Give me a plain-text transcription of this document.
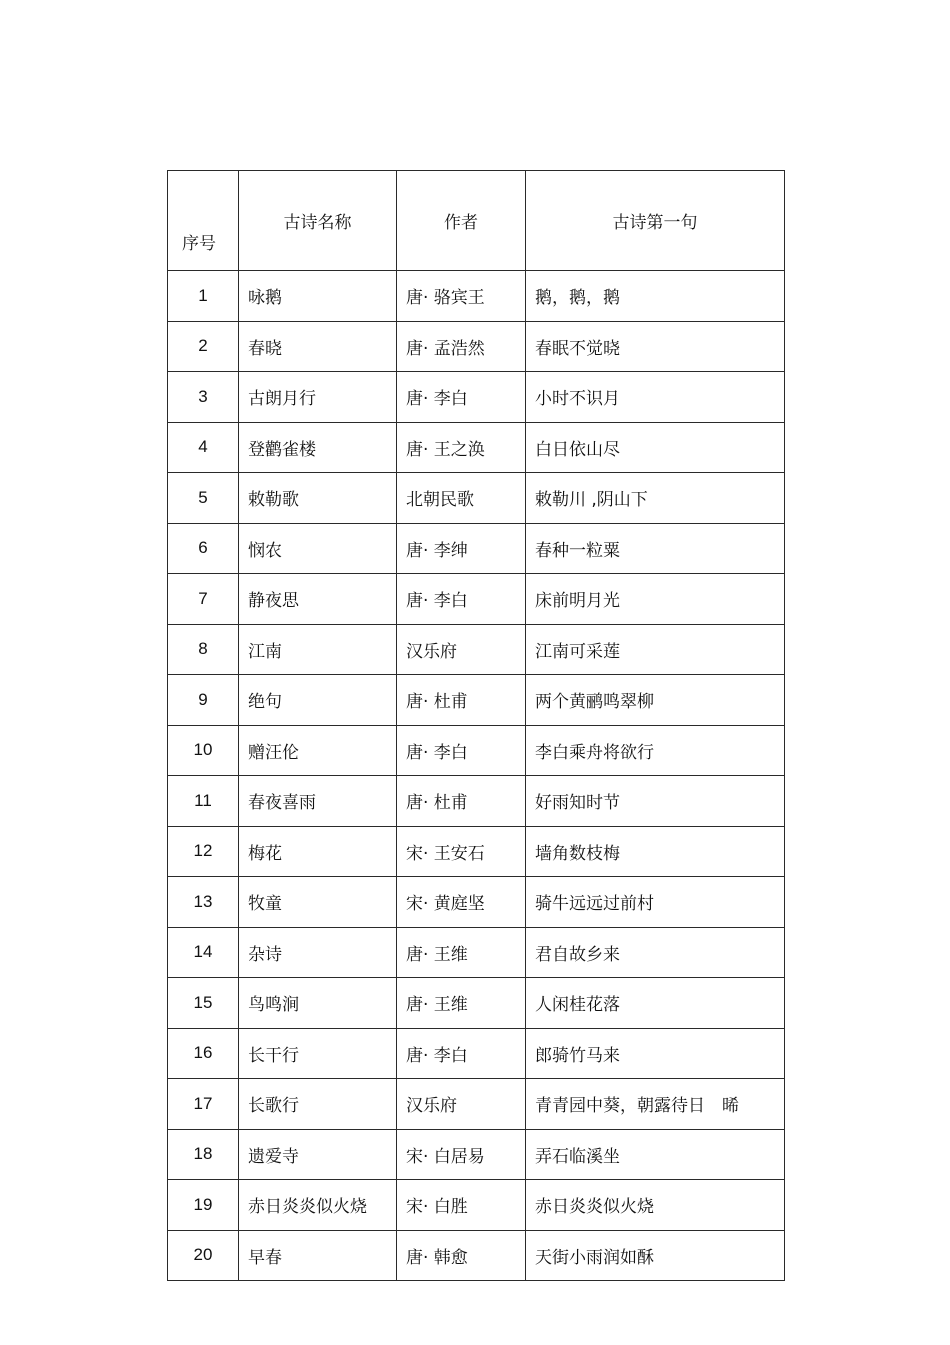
序号	古诗名称	作者	古诗第一句
1	咏鹅	唐· 骆宾王	鹅，鹅，鹅
2	春晓	唐· 孟浩然	春眠不觉晓
3	古朗月行	唐· 李白	小时不识月
4	登鹳雀楼	唐· 王之涣	白日依山尽
5	敕勒歌	北朝民歌	敕勒川 ,阴山下
6	悯农	唐· 李绅	春种一粒粟
7	静夜思	唐· 李白	床前明月光
8	江南	汉乐府	江南可采莲
9	绝句	唐· 杜甫	两个黄鹂鸣翠柳
10	赠汪伦	唐· 李白	李白乘舟将欲行
11	春夜喜雨	唐· 杜甫	好雨知时节
12	梅花	宋· 王安石	墙角数枝梅
13	牧童	宋· 黄庭坚	骑牛远远过前村
14	杂诗	唐· 王维	君自故乡来
15	鸟鸣涧	唐· 王维	人闲桂花落
16	长干行	唐· 李白	郎骑竹马来
17	长歌行	汉乐府	青青园中葵，朝露待日　晞
18	遗爱寺	宋· 白居易	弄石临溪坐
19	赤日炎炎似火烧	宋· 白胜	赤日炎炎似火烧
20	早春	唐· 韩愈	天街小雨润如酥
